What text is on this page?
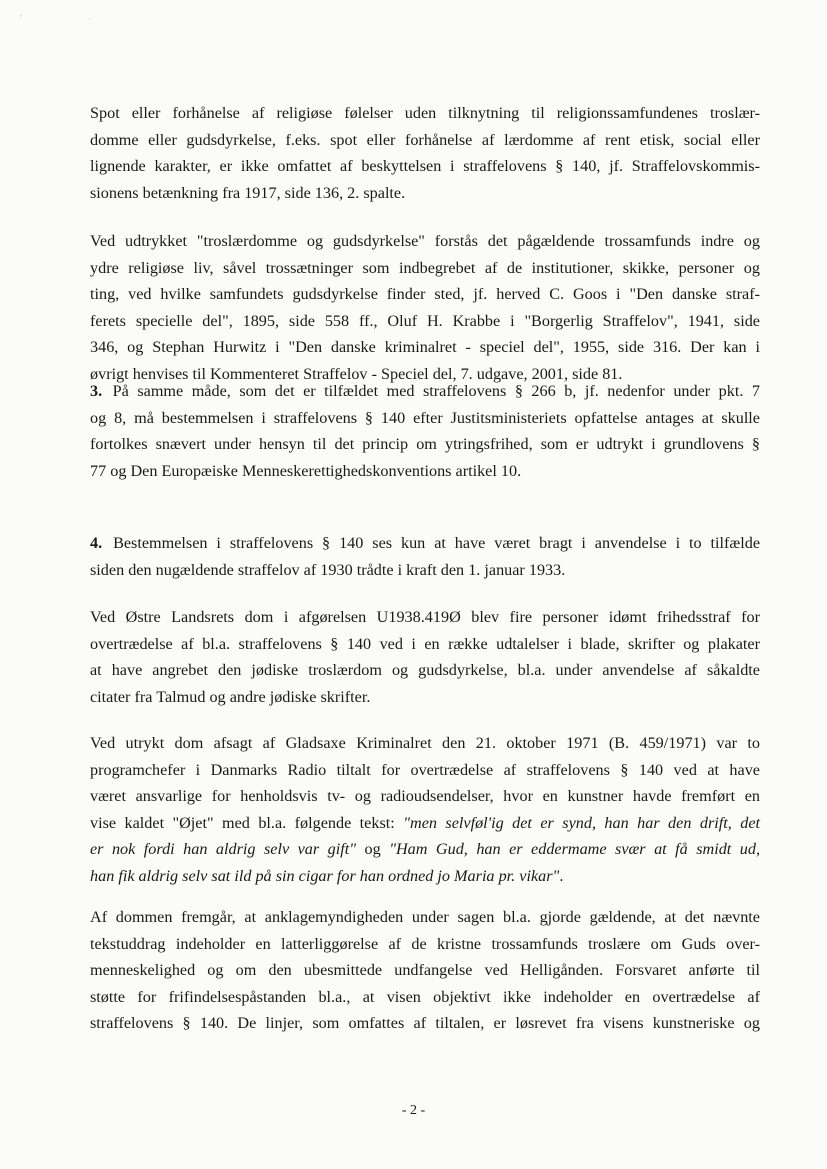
,
·
Spot eller forhånelse af religiøse følelser uden tilknytning til religionssamfundenes troslær-
domme eller gudsdyrkelse, f.eks. spot eller forhånelse af lærdomme af rent etisk, social eller
lignende karakter, er ikke omfattet af beskyttelsen i straffelovens § 140, jf. Straffelovskommis-
sionens betænkning fra 1917, side 136, 2. spalte.
Ved udtrykket "troslærdomme og gudsdyrkelse" forstås det pågældende trossamfunds indre og
ydre religiøse liv, såvel trossætninger som indbegrebet af de institutioner, skikke, personer og
ting, ved hvilke samfundets gudsdyrkelse finder sted, jf. herved C. Goos i "Den danske straf-
ferets specielle del", 1895, side 558 ff., Oluf H. Krabbe i "Borgerlig Straffelov", 1941, side
346, og Stephan Hurwitz i "Den danske kriminalret - speciel del", 1955, side 316. Der kan i
øvrigt henvises til Kommenteret Straffelov - Speciel del, 7. udgave, 2001, side 81.
3. På samme måde, som det er tilfældet med straffelovens § 266 b, jf. nedenfor under pkt. 7
og 8, må bestemmelsen i straffelovens § 140 efter Justitsministeriets opfattelse antages at skulle
fortolkes snævert under hensyn til det princip om ytringsfrihed, som er udtrykt i grundlovens §
77 og Den Europæiske Menneskerettighedskonventions artikel 10.
4. Bestemmelsen i straffelovens § 140 ses kun at have været bragt i anvendelse i to tilfælde
siden den nugældende straffelov af 1930 trådte i kraft den 1. januar 1933.
Ved Østre Landsrets dom i afgørelsen U1938.419Ø blev fire personer idømt frihedsstraf for
overtrædelse af bl.a. straffelovens § 140 ved i en række udtalelser i blade, skrifter og plakater
at have angrebet den jødiske troslærdom og gudsdyrkelse, bl.a. under anvendelse af såkaldte
citater fra Talmud og andre jødiske skrifter.
Ved utrykt dom afsagt af Gladsaxe Kriminalret den 21. oktober 1971 (B. 459/1971) var to
programchefer i Danmarks Radio tiltalt for overtrædelse af straffelovens § 140 ved at have
været ansvarlige for henholdsvis tv- og radioudsendelser, hvor en kunstner havde fremført en
vise kaldet "Øjet" med bl.a. følgende tekst: "men selvføl'ig det er synd, han har den drift, det
er nok fordi han aldrig selv var gift" og "Ham Gud, han er eddermame svær at få smidt ud,
han fik aldrig selv sat ild på sin cigar for han ordned jo Maria pr. vikar".
Af dommen fremgår, at anklagemyndigheden under sagen bl.a. gjorde gældende, at det nævnte
tekstuddrag indeholder en latterliggørelse af de kristne trossamfunds troslære om Guds over-
menneskelighed og om den ubesmittede undfangelse ved Helligånden. Forsvaret anførte til
støtte for frifindelsespåstanden bl.a., at visen objektivt ikke indeholder en overtrædelse af
straffelovens § 140. De linjer, som omfattes af tiltalen, er løsrevet fra visens kunstneriske og
- 2 -
